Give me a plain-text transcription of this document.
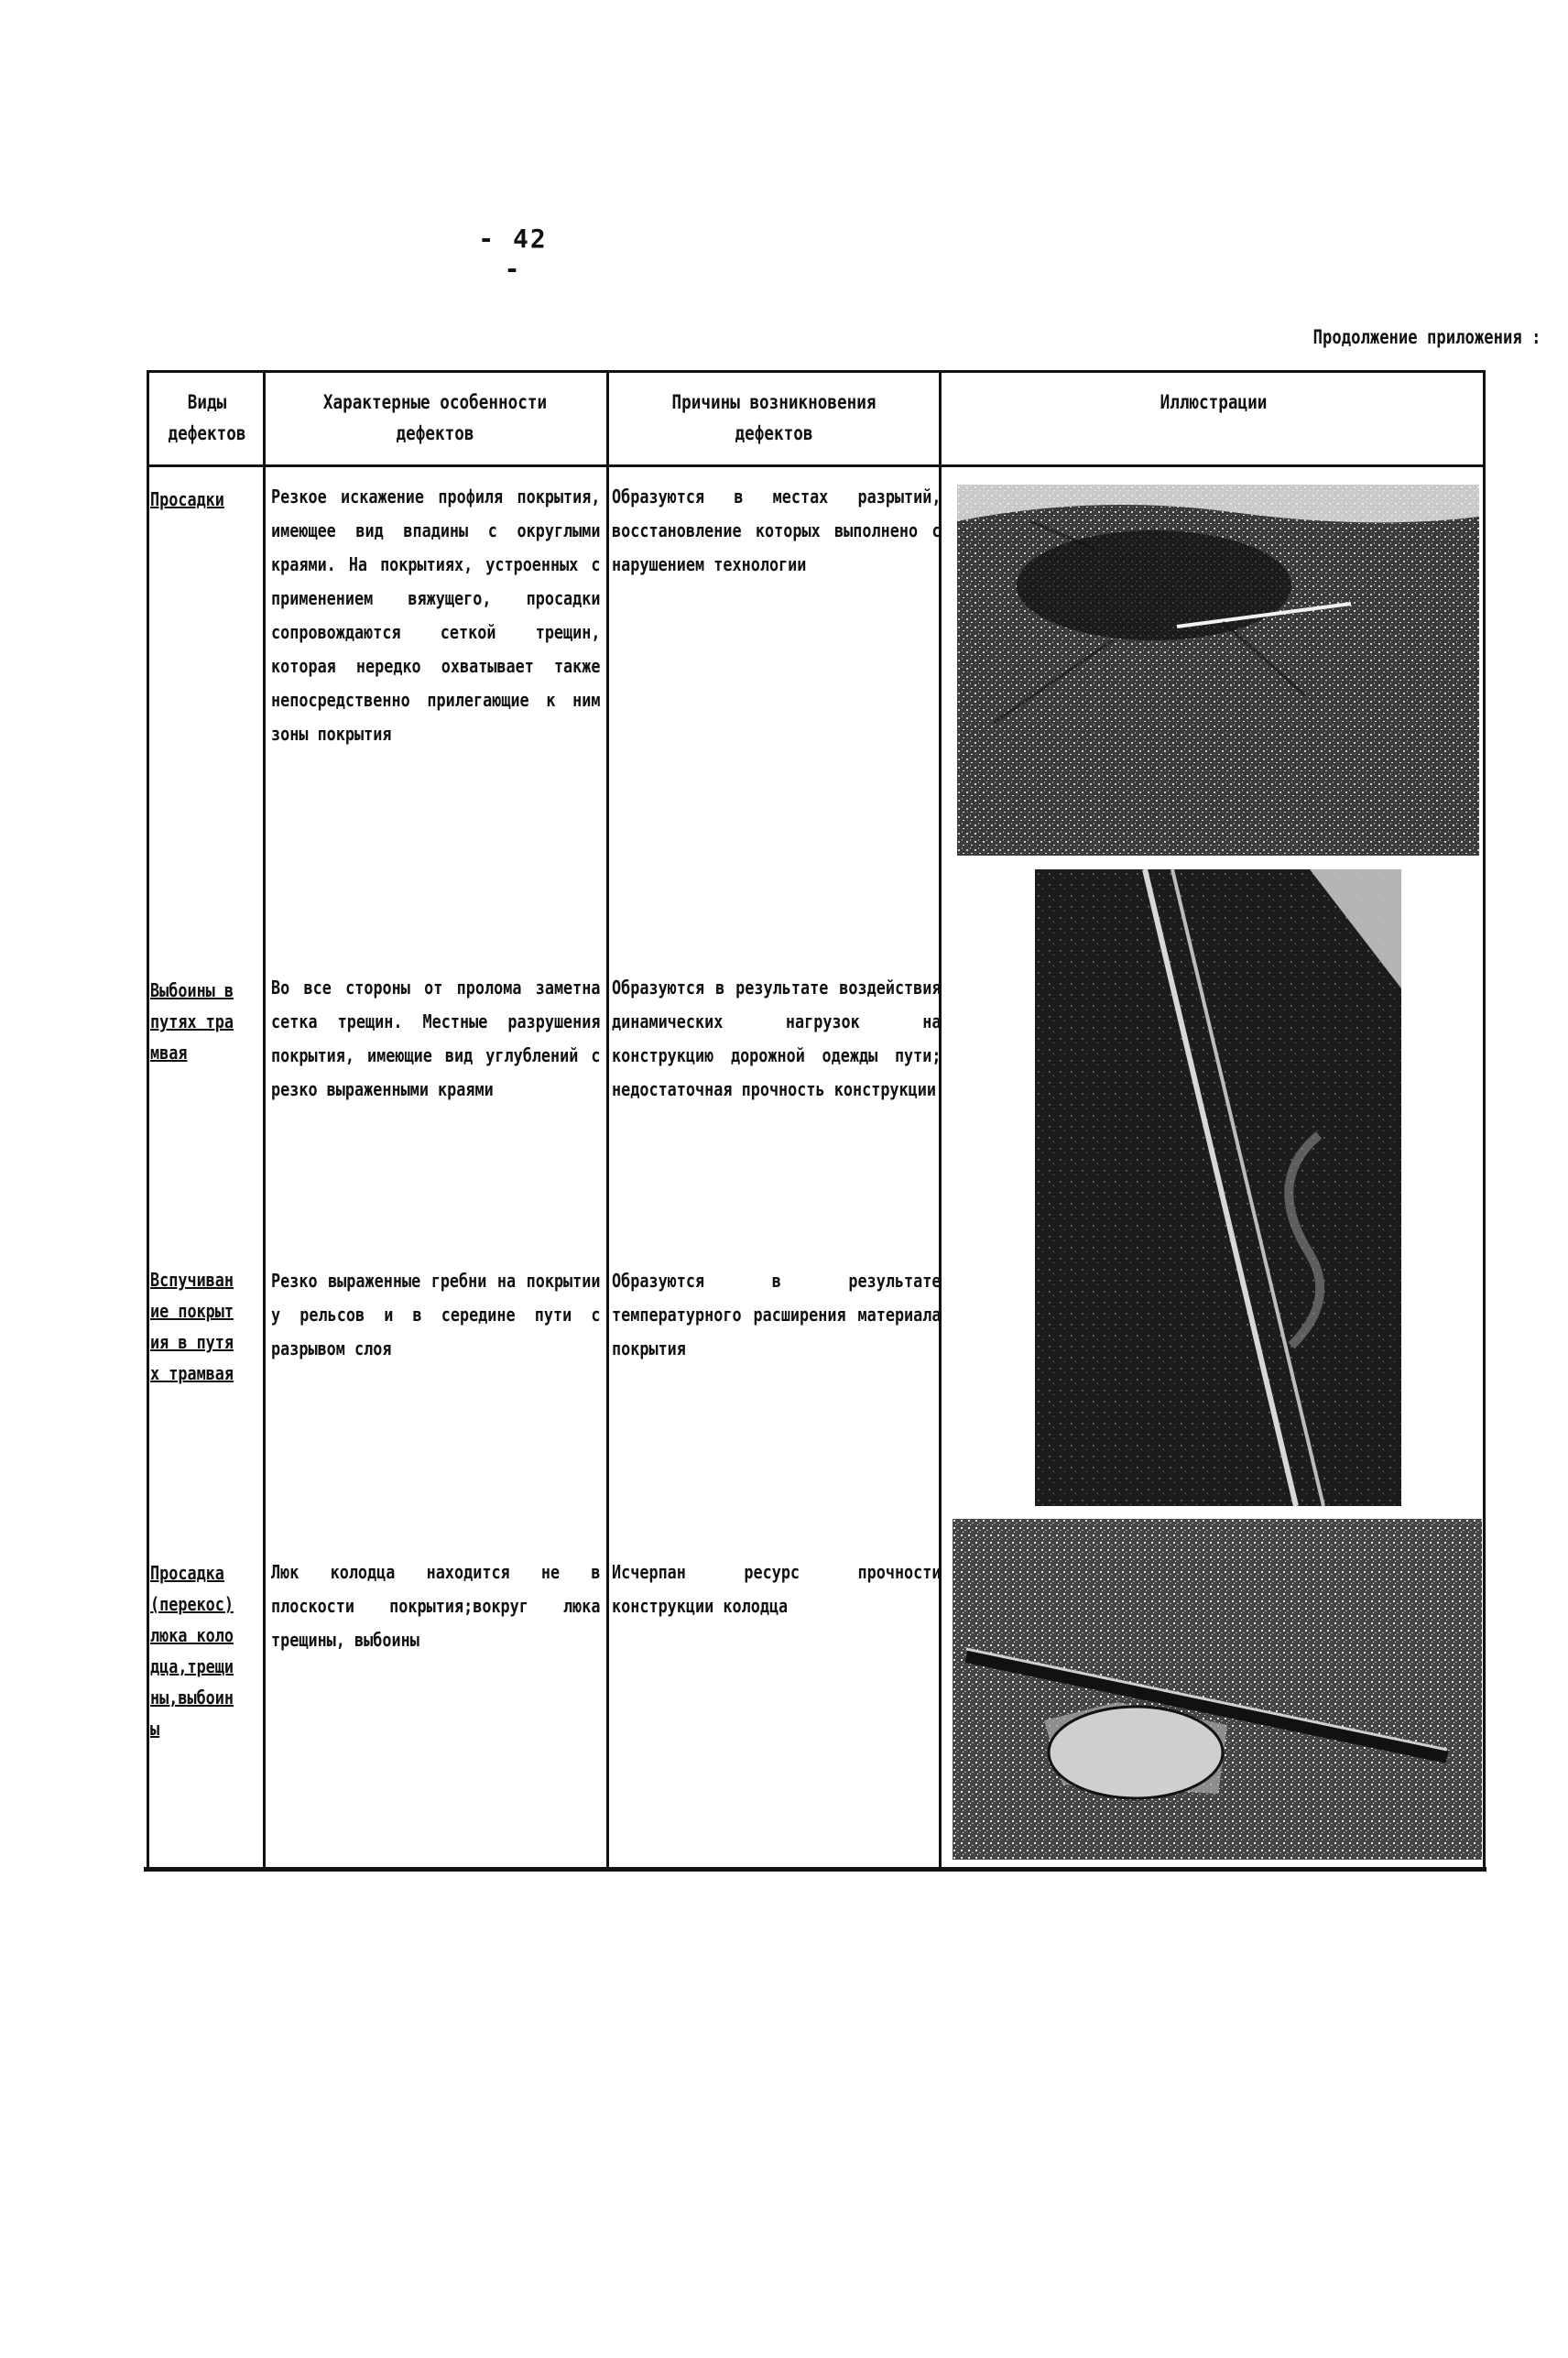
- 42 -
Продолжение приложения :
Виды дефектов
Характерные особенности дефектов
Причины возникновения дефектов
Иллюстрации
Просадки	Резкое искажение профиля покрытия, имеющее вид впадины с округлыми краями. На покрытиях, устроенных с применением вяжущего, просадки сопровождаются сеткой трещин, которая нередко охватывает также непосредственно прилегающие к ним зоны покрытия
Образуются в местах разрытий, восстановление которых выполнено с нарушением технологии
Выбоины в путях трамвая
Во все стороны от пролома заметна сетка трещин. Местные разрушения покрытия, имеющие вид углублений с резко выраженными краями
Образуются в результате воздействия динамических нагрузок на конструкцию дорожной одежды пути; недостаточная прочность конструкции
Вспучивание покрытия в путях трамвая
Резко выраженные гребни на покрытии у рельсов и в середине пути с разрывом слоя
Образуются в результате температурного расширения материала покрытия
Просадка (перекос) люка колодца,трещины,выбоины
Люк колодца находится не в плоскости покрытия;вокруг люка трещины, выбоины
Исчерпан ресурс прочности конструкции колодца
